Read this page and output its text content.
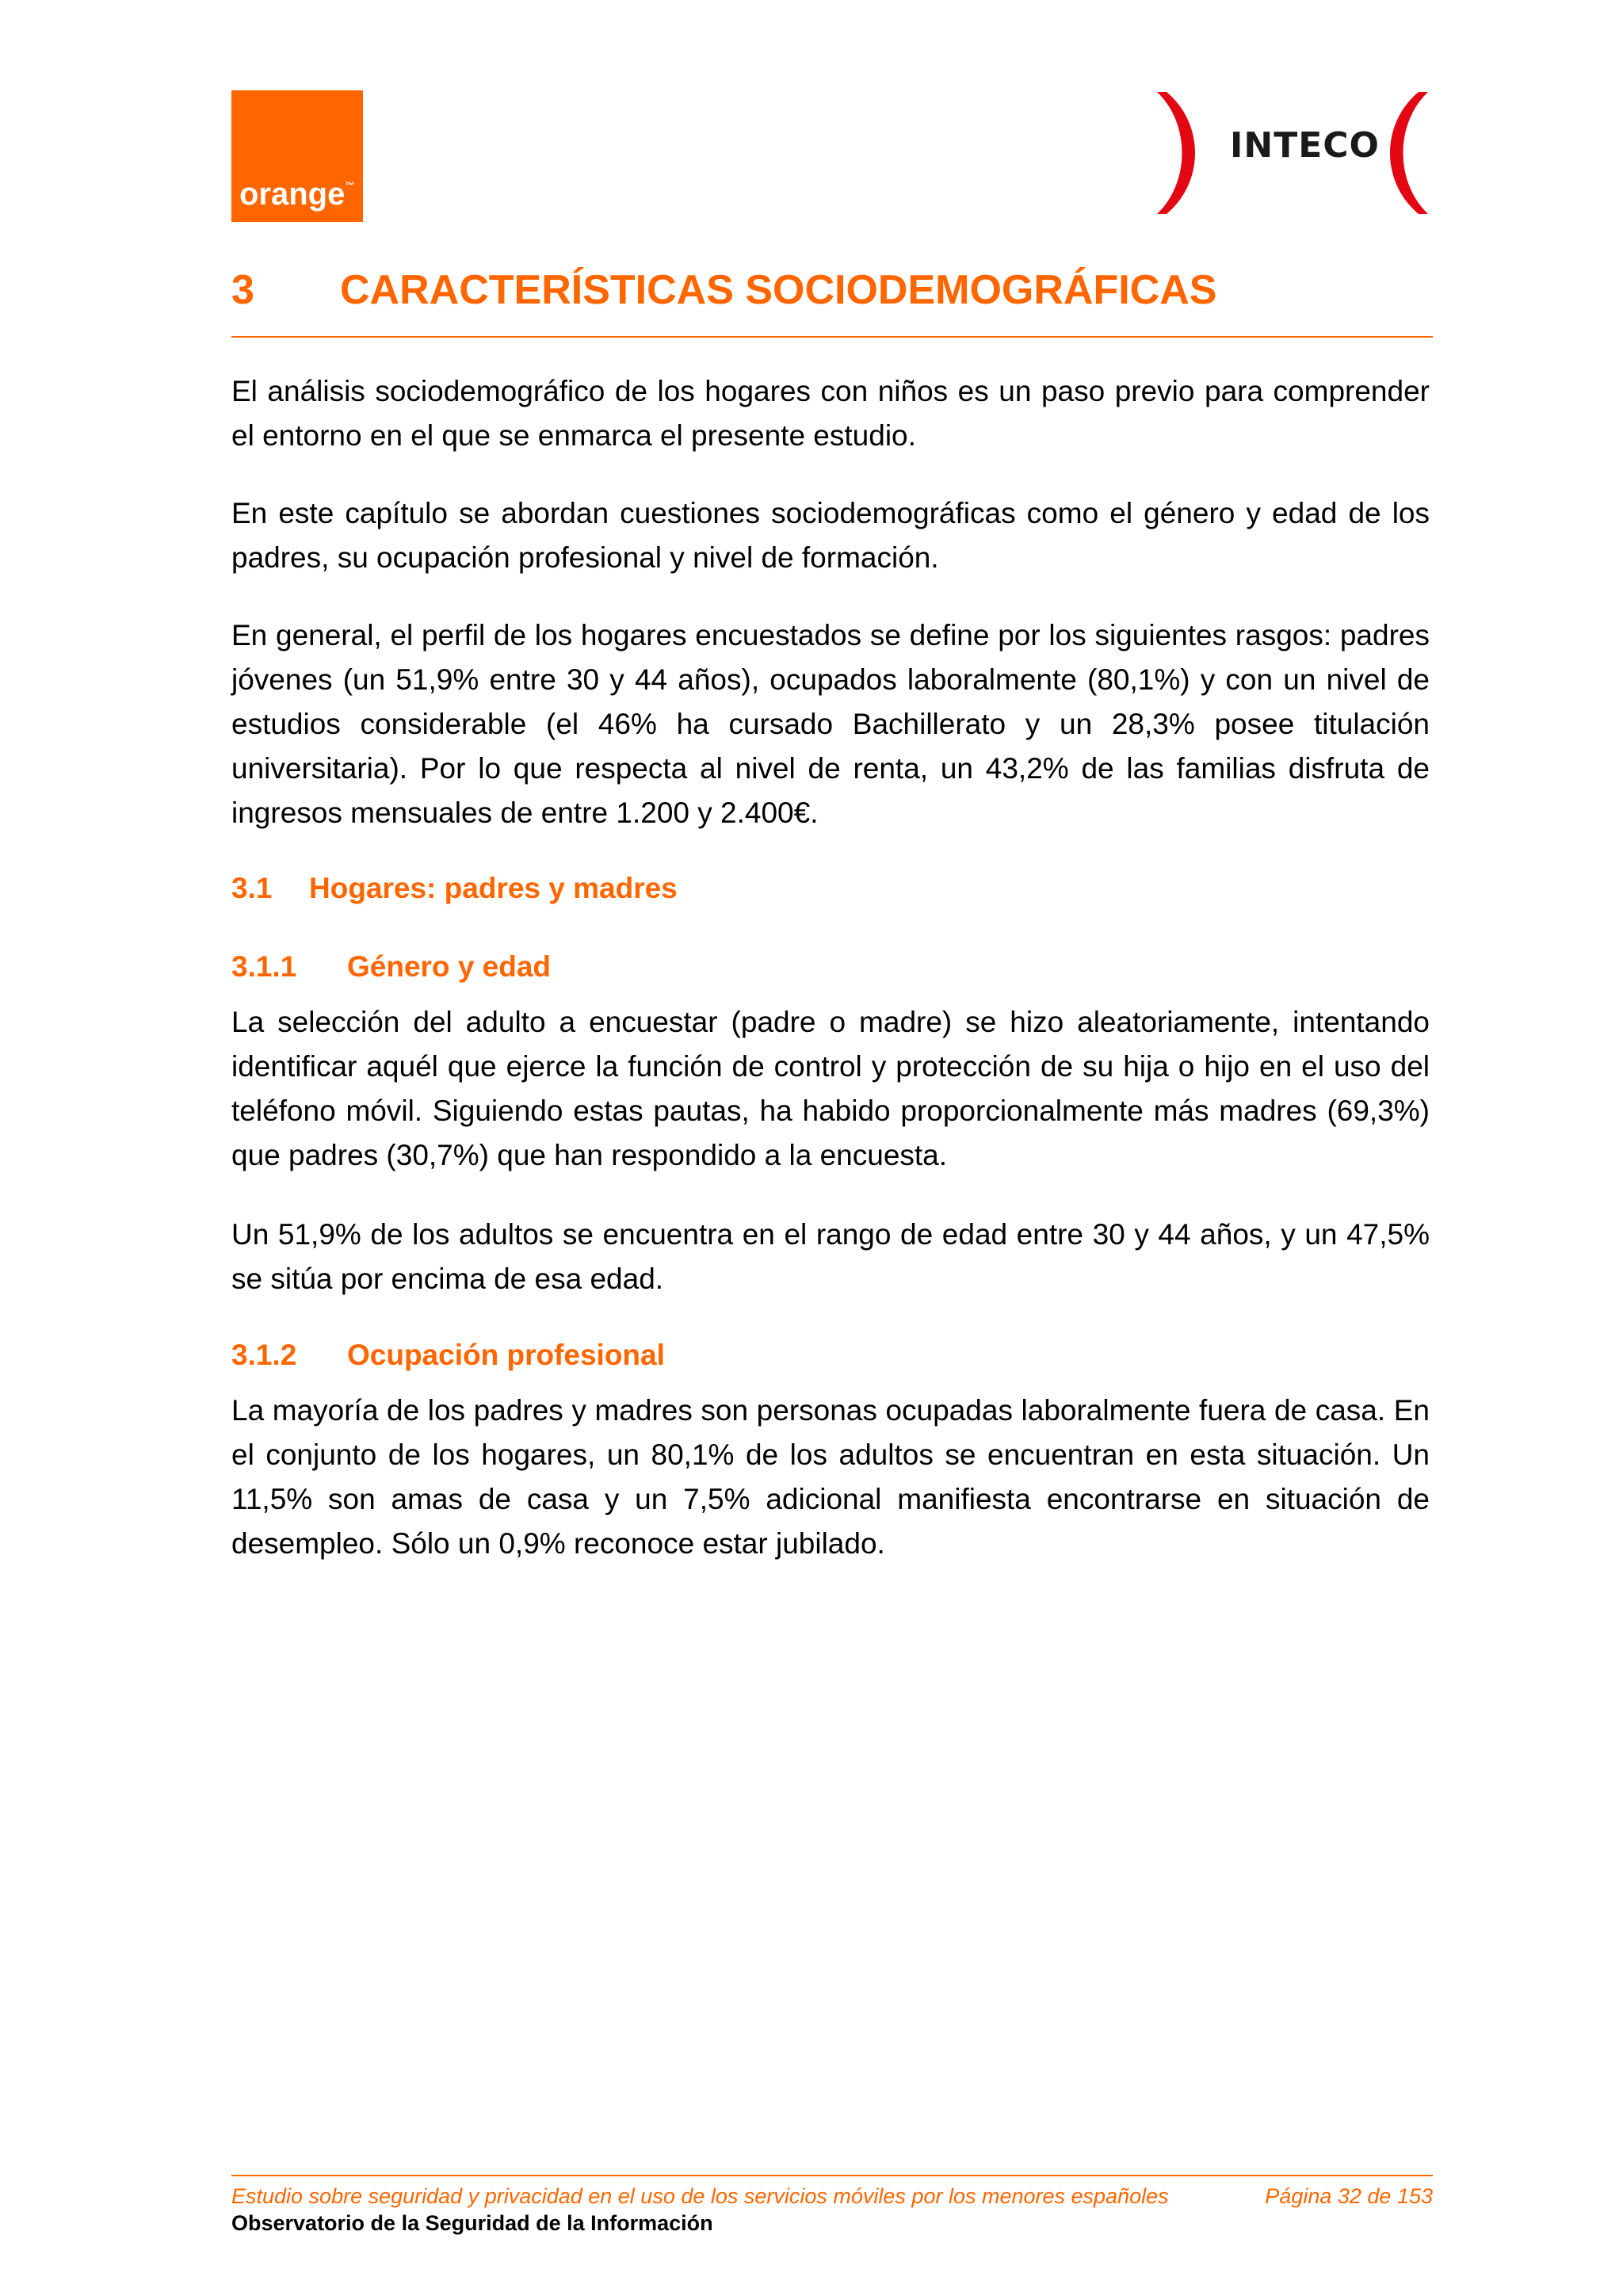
orange™
INTECO
3 CARACTERÍSTICAS SOCIODEMOGRÁFICAS

El análisis sociodemográfico de los hogares con niños es un paso previo para comprender el entorno en el que se enmarca el presente estudio.

En este capítulo se abordan cuestiones sociodemográficas como el género y edad de los padres, su ocupación profesional y nivel de formación.

En general, el perfil de los hogares encuestados se define por los siguientes rasgos: padres jóvenes (un 51,9% entre 30 y 44 años), ocupados laboralmente (80,1%) y con un nivel de estudios considerable (el 46% ha cursado Bachillerato y un 28,3% posee titulación universitaria). Por lo que respecta al nivel de renta, un 43,2% de las familias disfruta de ingresos mensuales de entre 1.200 y 2.400€.

3.1 Hogares: padres y madres
3.1.1 Género y edad

La selección del adulto a encuestar (padre o madre) se hizo aleatoriamente, intentando identificar aquél que ejerce la función de control y protección de su hija o hijo en el uso del teléfono móvil. Siguiendo estas pautas, ha habido proporcionalmente más madres (69,3%) que padres (30,7%) que han respondido a la encuesta.

Un 51,9% de los adultos se encuentra en el rango de edad entre 30 y 44 años, y un 47,5% se sitúa por encima de esa edad.

3.1.2 Ocupación profesional

La mayoría de los padres y madres son personas ocupadas laboralmente fuera de casa. En el conjunto de los hogares, un 80,1% de los adultos se encuentran en esta situación. Un 11,5% son amas de casa y un 7,5% adicional manifiesta encontrarse en situación de desempleo. Sólo un 0,9% reconoce estar jubilado.

Estudio sobre seguridad y privacidad en el uso de los servicios móviles por los menores españoles	Página 32 de 153
Observatorio de la Seguridad de la Información
